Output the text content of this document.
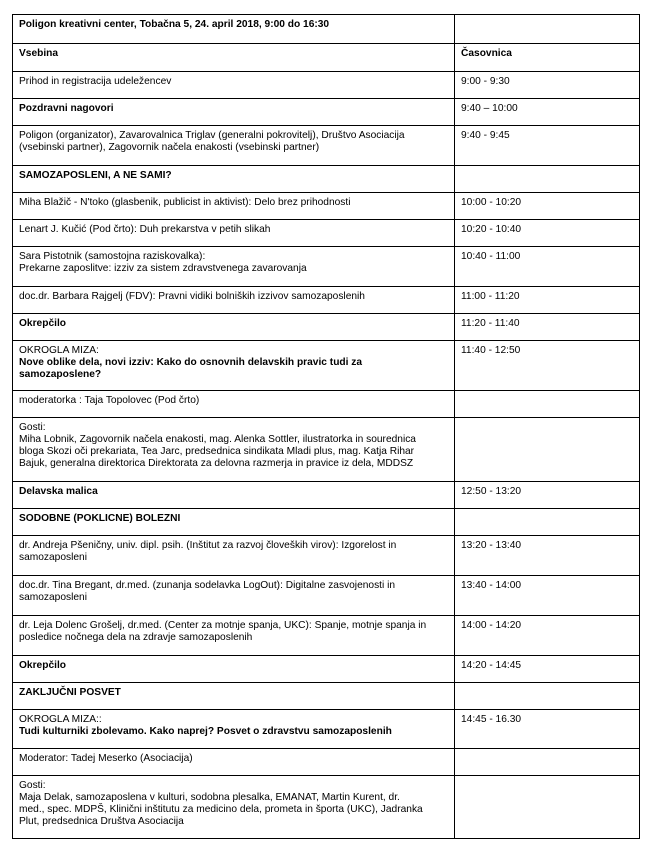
Poligon kreativni center, Tobačna 5, 24. april 2018, 9:00 do 16:30	
Vsebina	Časovnica

Prihod in registracija udeležencev	9:00 - 9:30

Pozdravni nagovori	9:40 – 10:00

Poligon (organizator), Zavarovalnica Triglav (generalni pokrovitelj), Društvo Asociacija
(vsebinski partner), Zagovornik načela enakosti (vsebinski partner)	9:40 - 9:45

SAMOZAPOSLENI, A NE SAMI?	

Miha Blažič - N'toko (glasbenik, publicist in aktivist): Delo brez prihodnosti	10:00 - 10:20

Lenart J. Kučić (Pod črto): Duh prekarstva v petih slikah	10:20 - 10:40

Sara Pistotnik (samostojna raziskovalka):
Prekarne zaposlitve: izziv za sistem zdravstvenega zavarovanja	10:40 - 11:00

doc.dr. Barbara Rajgelj (FDV): Pravni vidiki bolniških izzivov samozaposlenih	11:00 - 11:20

Okrepčilo	11:20 - 11:40

OKROGLA MIZA:
Nove oblike dela, novi izziv: Kako do osnovnih delavskih pravic tudi za
samozaposlene?	11:40 - 12:50

moderatorka : Taja Topolovec (Pod črto)	

Gosti:
Miha Lobnik, Zagovornik načela enakosti, mag. Alenka Sottler, ilustratorka in sourednica
bloga Skozi oči prekariata, Tea Jarc, predsednica sindikata Mladi plus, mag. Katja Rihar
Bajuk, generalna direktorica Direktorata za delovna razmerja in pravice iz dela, MDDSZ	

Delavska malica	12:50 - 13:20

SODOBNE (POKLICNE) BOLEZNI	

dr. Andreja Pšeničny, univ. dipl. psih. (Inštitut za razvoj človeških virov): Izgorelost in
samozaposleni	13:20 - 13:40

doc.dr. Tina Bregant, dr.med. (zunanja sodelavka LogOut): Digitalne zasvojenosti in
samozaposleni	13:40 - 14:00

dr. Leja Dolenc Grošelj, dr.med. (Center za motnje spanja, UKC): Spanje, motnje spanja in
posledice nočnega dela na zdravje samozaposlenih	14:00 - 14:20

Okrepčilo	14:20 - 14:45

ZAKLJUČNI POSVET	

OKROGLA MIZA::
Tudi kulturniki zbolevamo. Kako naprej? Posvet o zdravstvu samozaposlenih	14:45 - 16.30

Moderator: Tadej Meserko (Asociacija)	

Gosti:
Maja Delak, samozaposlena v kulturi, sodobna plesalka, EMANAT, Martin Kurent, dr.
med., spec. MDPŠ, Klinični inštitutu za medicino dela, prometa in športa (UKC), Jadranka
Plut, predsednica Društva Asociacija	
